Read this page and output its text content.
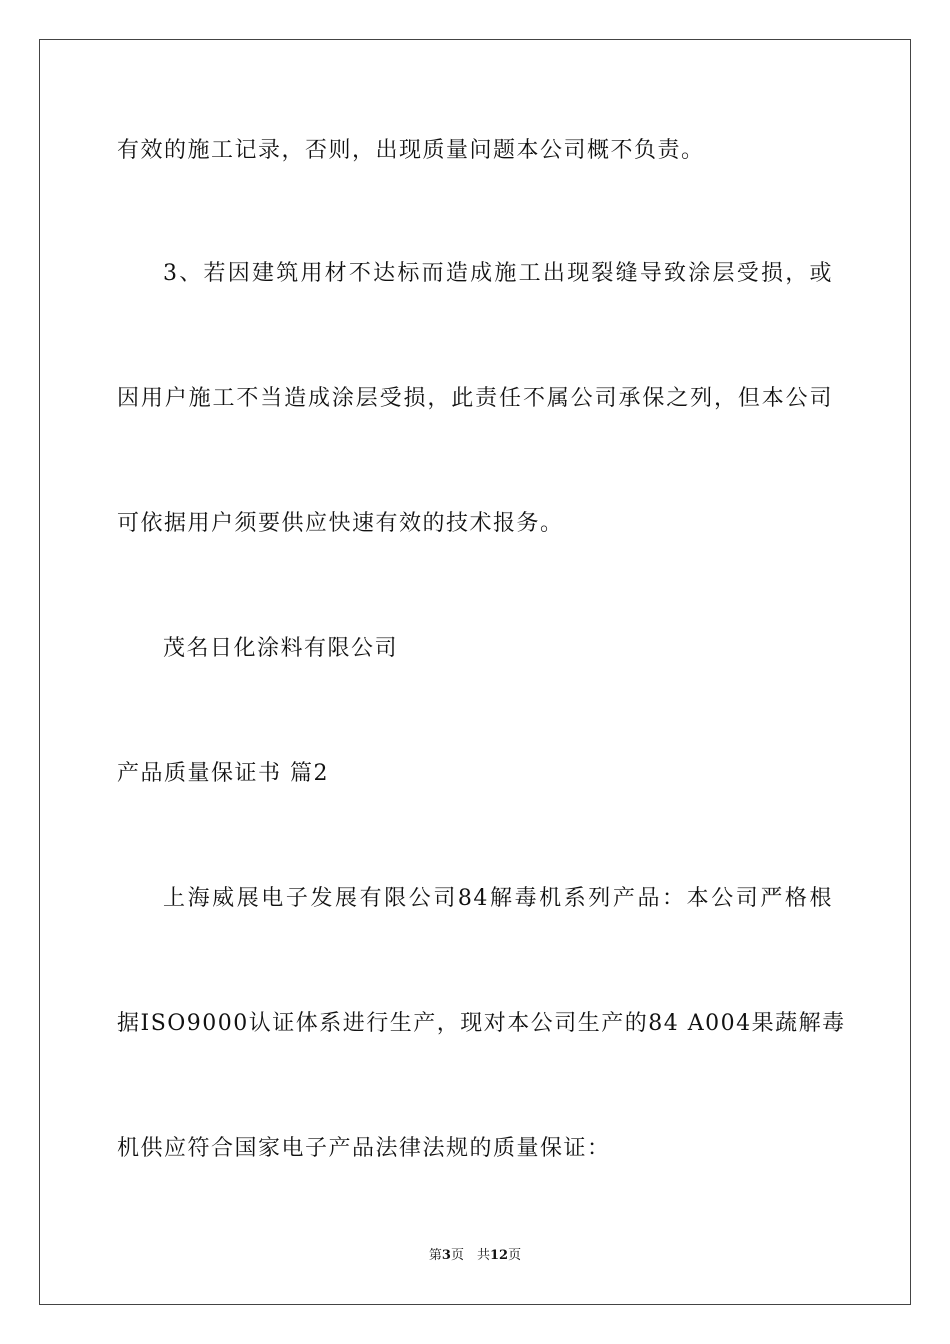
有效的施工记录，否则，出现质量问题本公司概不负责。
3、若因建筑用材不达标而造成施工出现裂缝导致涂层受损，或
因用户施工不当造成涂层受损，此责任不属公司承保之列，但本公司
可依据用户须要供应快速有效的技术报务。
茂名日化涂料有限公司
产品质量保证书 篇2
上海威展电子发展有限公司84解毒机系列产品：本公司严格根
据ISO9000认证体系进行生产，现对本公司生产的84 A004果蔬解毒
机供应符合国家电子产品法律法规的质量保证：
第3页　共12页
